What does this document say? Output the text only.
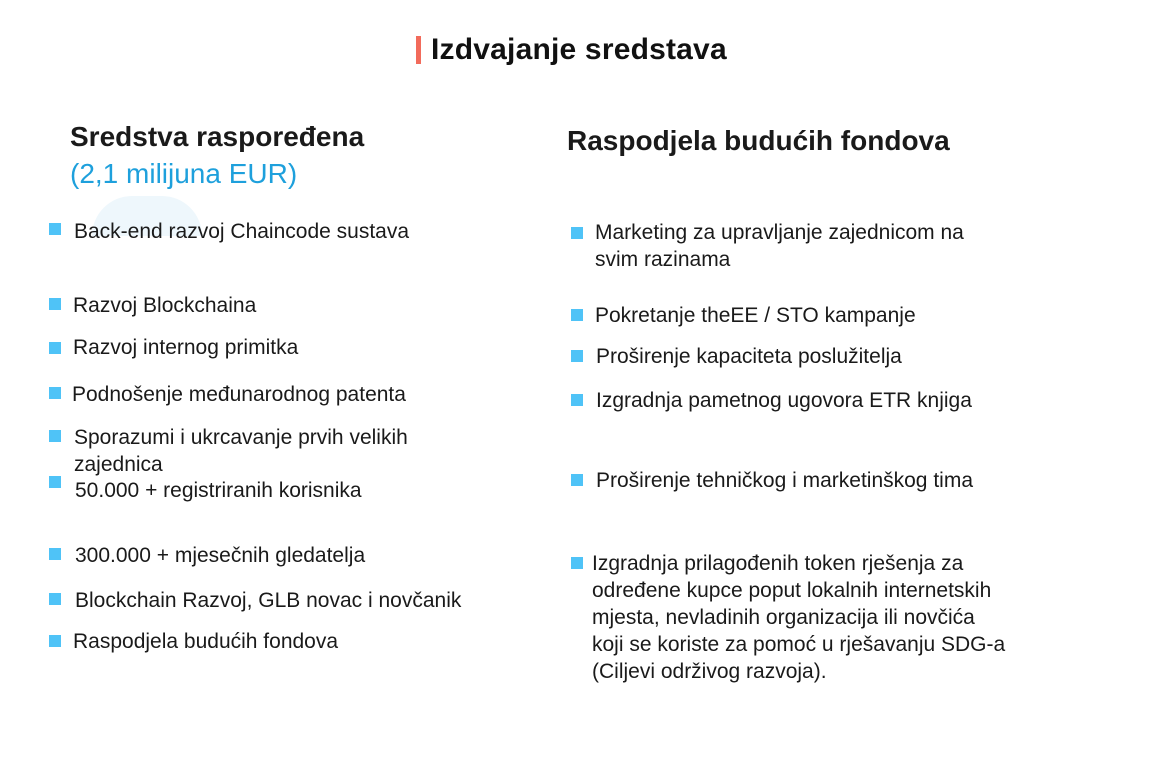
Izdvajanje sredstava
Sredstva raspoređena
(2,1 milijuna EUR)
Back-end razvoj Chaincode sustava
Razvoj Blockchaina
Razvoj internog primitka
Podnošenje međunarodnog patenta
Sporazumi i ukrcavanje prvih velikih
zajednica
50.000 + registriranih korisnika
300.000 + mjesečnih gledatelja
Blockchain Razvoj, GLB novac i novčanik
Raspodjela budućih fondova
Raspodjela budućih fondova
Marketing za upravljanje zajednicom na
svim razinama
Pokretanje theEE / STO kampanje
Proširenje kapaciteta poslužitelja
Izgradnja pametnog ugovora ETR knjiga
Proširenje tehničkog i marketinškog tima
Izgradnja prilagođenih token rješenja za
određene kupce poput lokalnih internetskih
mjesta, nevladinih organizacija ili novčića
koji se koriste za pomoć u rješavanju SDG-a
(Ciljevi održivog razvoja).
